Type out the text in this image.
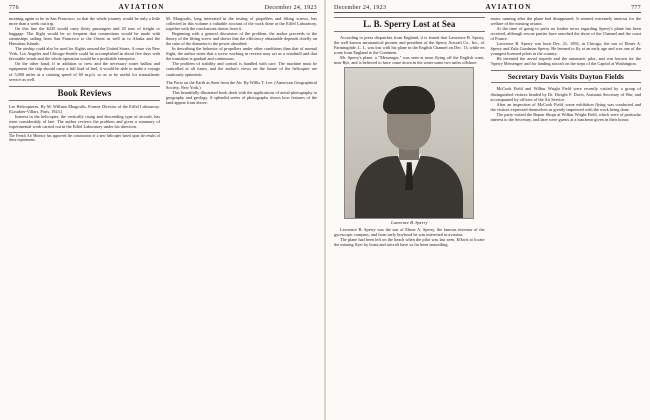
776	AVIATION	December 24, 1923

morning again to be in San Francisco, so that the whole journey would be only a little more than a week out trip.

On this line the $245 would carry thirty passengers and 20 tons of freight or baggage. The flight would be so frequent that connections would be made with steamships sailing from San Francisco to the Orient as well as to Alaska and the Hawaiian Islands.

The airship could also be used for flights around the United States. A route via New York, Los Angeles and Chicago-Seattle could be accomplished in about five days with favorable winds and the whole operation would be a profitable enterprise.

On the other hand, if in addition to crew and the necessary water ballast and equipment the ship should carry a full load of fuel, it would be able to make a voyage of 5,000 miles at a cruising speed of 60 m.p.h. so as to be useful for transatlantic service as well.

Book Reviews

Les Helicopteres. By M. William Margoulis, Former Director of the Eiffel Laboratory. (Gauthier-Villars, Paris, 1923.)

Interest in the helicopter, the vertically rising and descending type of aircraft, has risen considerably of late. The author reviews the problem and gives a summary of experimental work carried out in the Eiffel Laboratory under his direction.

The French Air Ministry has approved the construction of a new helicopter based upon the results of these experiments.

M. Margoulis, long interested in the testing of propellers and lifting screws, has collected in this volume a valuable account of the work done at the Eiffel Laboratory, together with the conclusions drawn from it.

Beginning with a general discussion of the problem, the author proceeds to the theory of the lifting screw and shows that the efficiency obtainable depends chiefly on the ratio of the diameter to the power absorbed.

In describing the behavior of propellers under other conditions than that of normal flight, the author notes that a screw working in reverse may act as a windmill and that the transition is gradual and continuous.

The problem of stability and control is handled with care. The machine must be controlled at all times, and the author's views on the future of the helicopter are cautiously optimistic.

The Facts on the Earth as Seen from the Air. By Willis T. Lee. (American Geographical Society, New York.)

This beautifully illustrated book deals with the applications of aerial photography to geography and geology. A splendid series of photographs shows how features of the land appear from above.

December 24, 1923	AVIATION	777
L. B. Sperry Lost at Sea

According to press dispatches from England, it is feared that Lawrence B. Sperry, the well known aeronautical pioneer and president of the Sperry Aircraft Co., Inc., of Farmingdale, L. I., was lost with his plane in the English Channel on Dec. 13, while en route from England to the Continent.

Mr. Sperry's plane, a "Messenger," was seen at noon flying off the English coast, near Rye, and is believed to have come down in the water some two miles offshore.

Lawrence B. Sperry

Lawrence B. Sperry was the son of Elmer A. Sperry, the famous inventor of the gyroscopic compass, and from early boyhood he was interested in aviation.

The plane had been left on the beach when the pilot was last seen. Efforts to locate the missing flyer by boats and aircraft have so far been unavailing.

motor running after the plane had disappeared. It seemed extremely anxious for the welfare of the missing aviator.

At the time of going to press no further news regarding Sperry's plane has been received, although rescue parties have searched the shore of the Channel and the coast of France.

Lawrence B. Sperry was born Dec. 21, 1892, in Chicago, the son of Elmer A. Sperry and Zula Goodman Sperry. He learned to fly at an early age and was one of the youngest licensed pilots in the country.

He invented the aerial torpedo and the automatic pilot, and was known for the 'Sperry Messenger' and for landing aircraft on the steps of the Capitol at Washington.

Secretary Davis Visits Dayton Fields

McCook Field and Wilbur Wright Field were recently visited by a group of distinguished visitors headed by Dr. Dwight F. Davis, Assistant Secretary of War, and accompanied by officers of the Air Service.

After an inspection of McCook Field, some exhibition flying was conducted and the visitors expressed themselves as greatly impressed with the work being done.

The party visited the Repair Shops at Wilbur Wright Field, which were of particular interest to the Secretary, and later were guests at a luncheon given in their honor.
